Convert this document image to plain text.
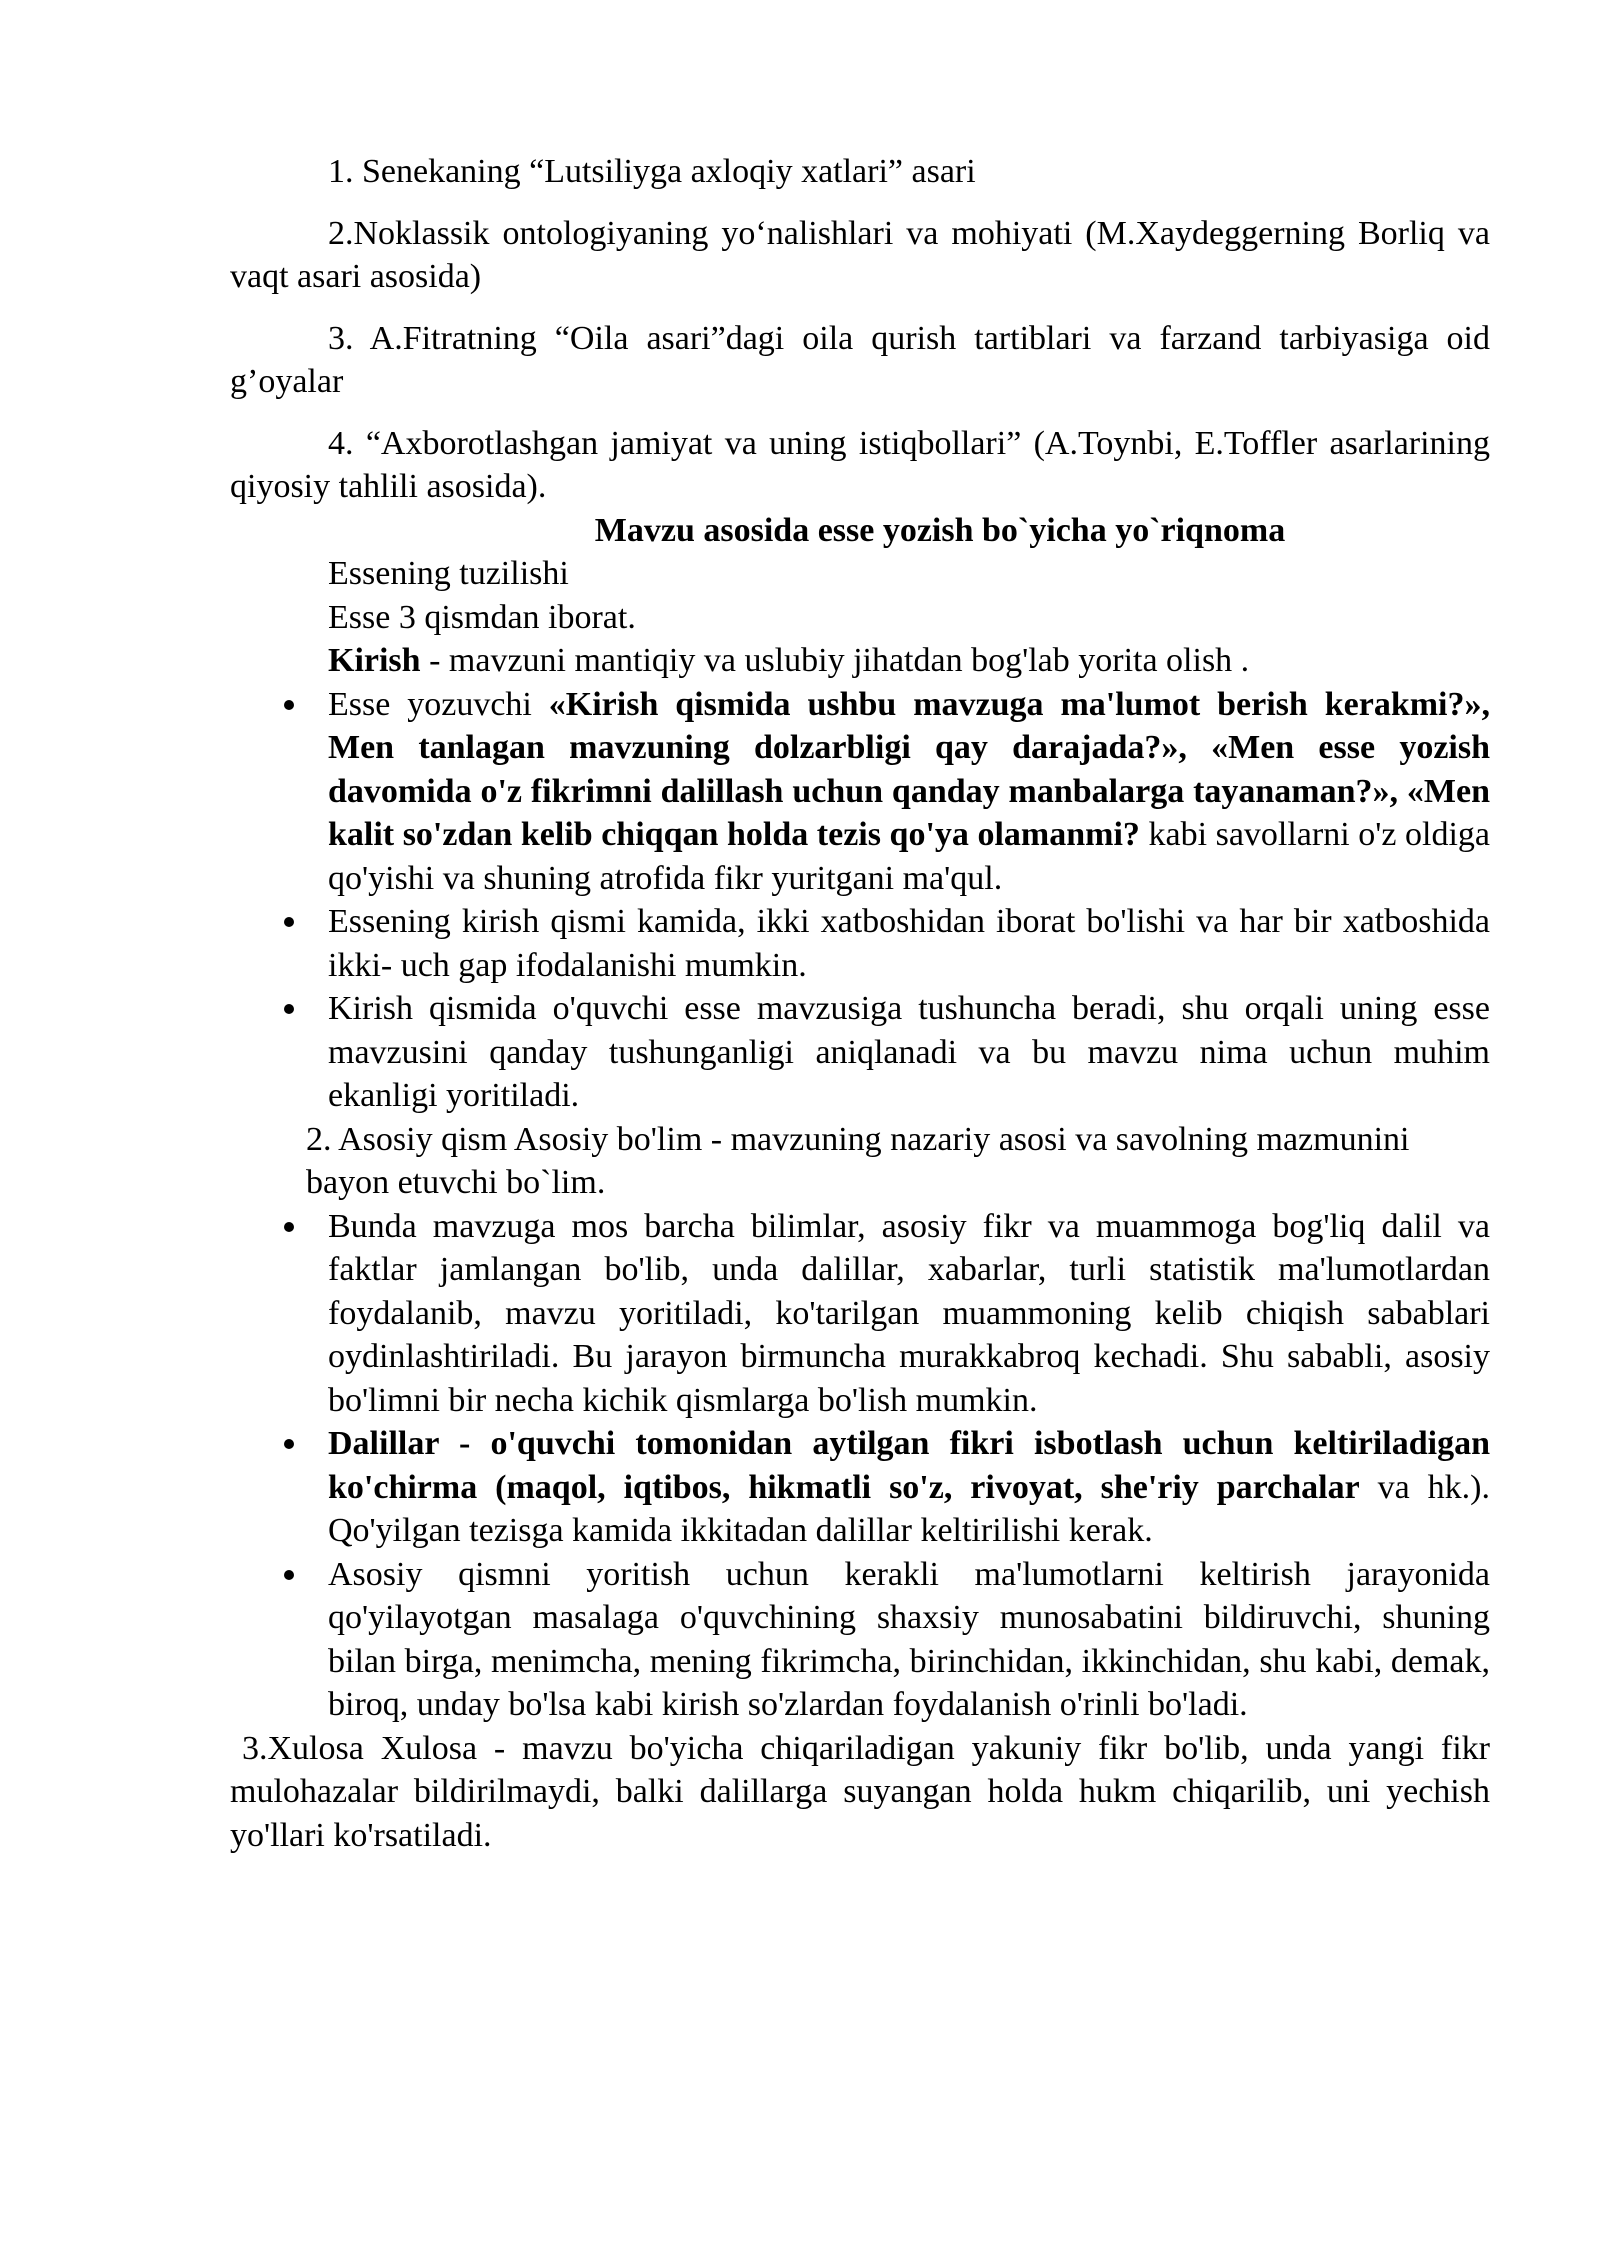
1. Senekaning “Lutsiliyga axloqiy xatlari” asari

2.Noklassik ontologiyaning yo‘nalishlari va mohiyati (M.Xaydeggerning Borliq va vaqt asari asosida)

3. A.Fitratning “Oila asari”dagi oila qurish tartiblari va farzand tarbiyasiga oid g’oyalar

4. “Axborotlashgan jamiyat va uning istiqbollari” (A.Toynbi, E.Toffler asarlarining qiyosiy tahlili asosida).

Mavzu asosida esse yozish bo`yicha yo`riqnoma

Essening tuzilishi

Esse 3 qismdan iborat.

Kirish - mavzuni mantiqiy va uslubiy jihatdan bog'lab yorita olish .

Esse yozuvchi «Kirish qismida ushbu mavzuga ma'lumot berish kerakmi?», Men tanlagan mavzuning dolzarbligi qay darajada?», «Men esse yozish davomida o'z fikrimni dalillash uchun qanday manbalarga tayanaman?», «Men kalit so'zdan kelib chiqqan holda tezis qo'ya olamanmi? kabi savollarni o'z oldiga qo'yishi va shuning atrofida fikr yuritgani ma'qul.
Essening kirish qismi kamida, ikki xatboshidan iborat bo'lishi va har bir xatboshida ikki- uch gap ifodalanishi mumkin.
Kirish qismida o'quvchi esse mavzusiga tushuncha beradi, shu orqali uning esse mavzusini qanday tushunganligi aniqlanadi va bu mavzu nima uchun muhim ekanligi yoritiladi.

2. Asosiy qism Asosiy bo'lim - mavzuning nazariy asosi va savolning mazmunini bayon etuvchi bo`lim.

Bunda mavzuga mos barcha bilimlar, asosiy fikr va muammoga bog'liq dalil va faktlar jamlangan bo'lib, unda dalillar, xabarlar, turli statistik ma'lumotlardan foydalanib, mavzu yoritiladi, ko'tarilgan muammoning kelib chiqish sabablari oydinlashtiriladi. Bu jarayon birmuncha murakkabroq kechadi. Shu sababli, asosiy bo'limni bir necha kichik qismlarga bo'lish mumkin.
Dalillar - o'quvchi tomonidan aytilgan fikri isbotlash uchun keltiriladigan ko'chirma (maqol, iqtibos, hikmatli so'z, rivoyat, she'riy parchalar va hk.). Qo'yilgan tezisga kamida ikkitadan dalillar keltirilishi kerak.
Asosiy qismni yoritish uchun kerakli ma'lumotlarni keltirish jarayonida qo'yilayotgan masalaga o'quvchining shaxsiy munosabatini bildiruvchi, shuning bilan birga, menimcha, mening fikrimcha, birinchidan, ikkinchidan, shu kabi, demak, biroq, unday bo'lsa kabi kirish so'zlardan foydalanish o'rinli bo'ladi.

3.Xulosa Xulosa - mavzu bo'yicha chiqariladigan yakuniy fikr bo'lib, unda yangi fikr mulohazalar bildirilmaydi, balki dalillarga suyangan holda hukm chiqarilib, uni yechish yo'llari ko'rsatiladi.
